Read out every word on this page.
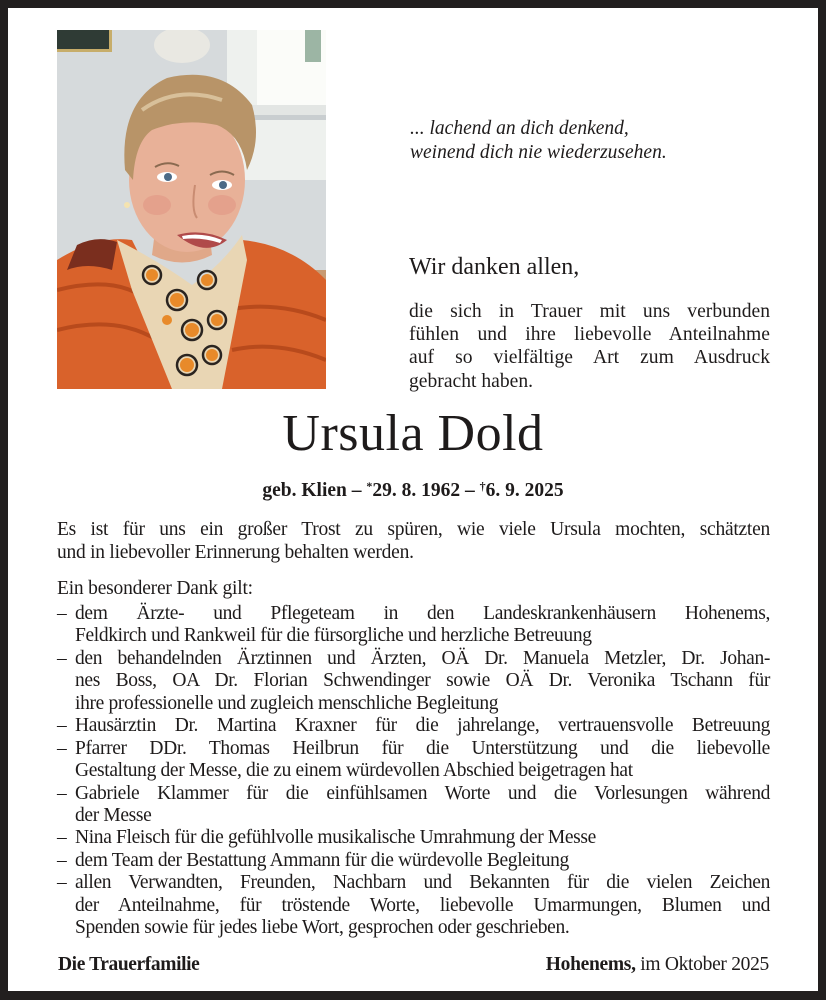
... lachend an dich denkend,
weinend dich nie wiederzusehen.
Wir danken allen,
die sich in Trauer mit uns verbunden
fühlen und ihre liebevolle Anteilnahme
auf so vielfältige Art zum Ausdruck
gebracht haben.
Ursula Dold
geb. Klien – *29. 8. 1962 – †6. 9. 2025
Es ist für uns ein großer Trost zu spüren, wie viele Ursula mochten, schätzten
und in liebevoller Erinnerung behalten werden.
Ein besonderer Dank gilt:
– dem Ärzte- und Pflegeteam in den Landeskrankenhäusern Hohenems,
Feldkirch und Rankweil für die fürsorgliche und herzliche Betreuung
– den behandelnden Ärztinnen und Ärzten, OÄ Dr. Manuela Metzler, Dr. Johan-
nes Boss, OA Dr. Florian Schwendinger sowie OÄ Dr. Veronika Tschann für
ihre professionelle und zugleich menschliche Begleitung
– Hausärztin Dr. Martina Kraxner für die jahrelange, vertrauensvolle Betreuung
– Pfarrer DDr. Thomas Heilbrun für die Unterstützung und die liebevolle
Gestaltung der Messe, die zu einem würdevollen Abschied beigetragen hat
– Gabriele Klammer für die einfühlsamen Worte und die Vorlesungen während
der Messe
– Nina Fleisch für die gefühlvolle musikalische Umrahmung der Messe
– dem Team der Bestattung Ammann für die würdevolle Begleitung
– allen Verwandten, Freunden, Nachbarn und Bekannten für die vielen Zeichen
der Anteilnahme, für tröstende Worte, liebevolle Umarmungen, Blumen und
Spenden sowie für jedes liebe Wort, gesprochen oder geschrieben.
Die Trauerfamilie	Hohenems, im Oktober 2025
